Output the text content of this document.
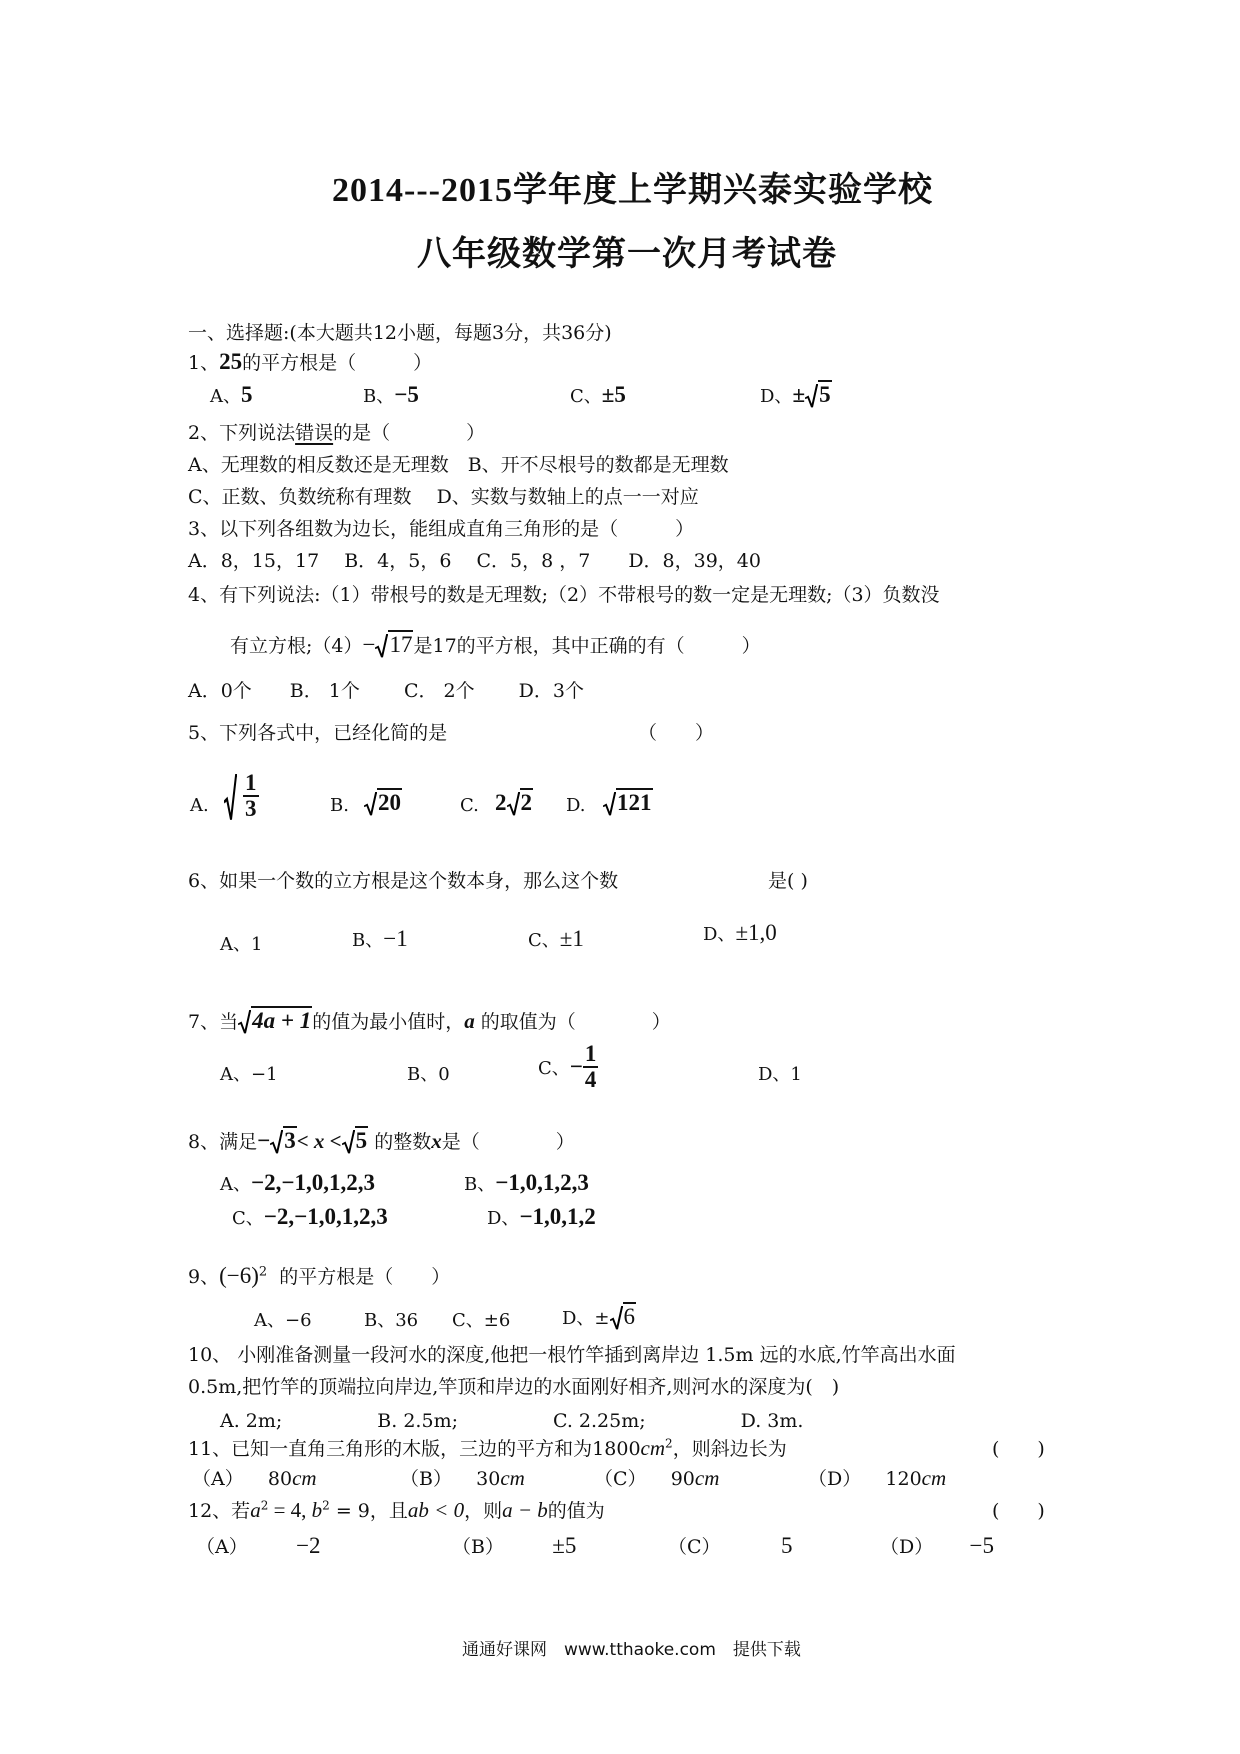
2014---2015学年度上学期兴泰实验学校
八年级数学第一次月考试卷
一、选择题:(本大题共12小题，每题3分，共36分)
1、25的平方根是（　　　）
A、5	B、−5	C、±5	D、± 5
2、下列说法错误的是（　　　　）
A、无理数的相反数还是无理数　B、开不尽根号的数都是无理数
C、正数、负数统称有理数　 D、实数与数轴上的点一一对应
3、以下列各组数为边长，能组成直角三角形的是（　　　）
A．8，15，17　 B．4，5，6　 C．5，8 ，7　　D．8，39，40
4、有下列说法:（1）带根号的数是无理数;（2）不带根号的数一定是无理数;（3）负数没
有立方根;（4）− 17是17的平方根，其中正确的有（　　　）
A．0个　　B． 1个　　 C． 2个　　 D．3个
5、下列各式中，已经化简的是	（　　）
A. $\frac{1}{3}$	B.	20	C. 2 2 D.	121
6、如果一个数的立方根是这个数本身，那么这个数	是( )
A、1	B、−1	C、±1	D、±1,0
7、当 4a + 1的值为最小值时，a 的取值为（　　　　）
A、−1	B、0	C、− $\frac{1}{4}$	D、1
8、满足− 3< x < 5 的整数x是（　　　　）
A、−2,−1,0,1,2,3	B、−1,0,1,2,3
C、−2,−1,0,1,2,3	D、−1,0,1,2
9、$(-6)^2$ 的平方根是（　　）
A、−6	B、36 C、±6	D、± 6
10、 小刚准备测量一段河水的深度,他把一根竹竿插到离岸边 1.5m 远的水底,竹竿高出水面
0.5m,把竹竿的顶端拉向岸边,竿顶和岸边的水面刚好相齐,则河水的深度为(　)
A. 2m;　　　　　B. 2.5m;　　　　　C. 2.25m;　　　　　D. 3m.
11、已知一直角三角形的木版，三边的平方和为$1800cm^2$，则斜边长为	(　　)
（A） 80cm	（B） 30cm	（C） 90cm	（D） 120cm
12、若$a^2 = 4$, $b^2 = 9$，且ab < 0，则a − b的值为	(　　)
（A） −2	（B） ±5	（C）	5	（D） −5
通通好课网　www.tthaoke.com　提供下载
